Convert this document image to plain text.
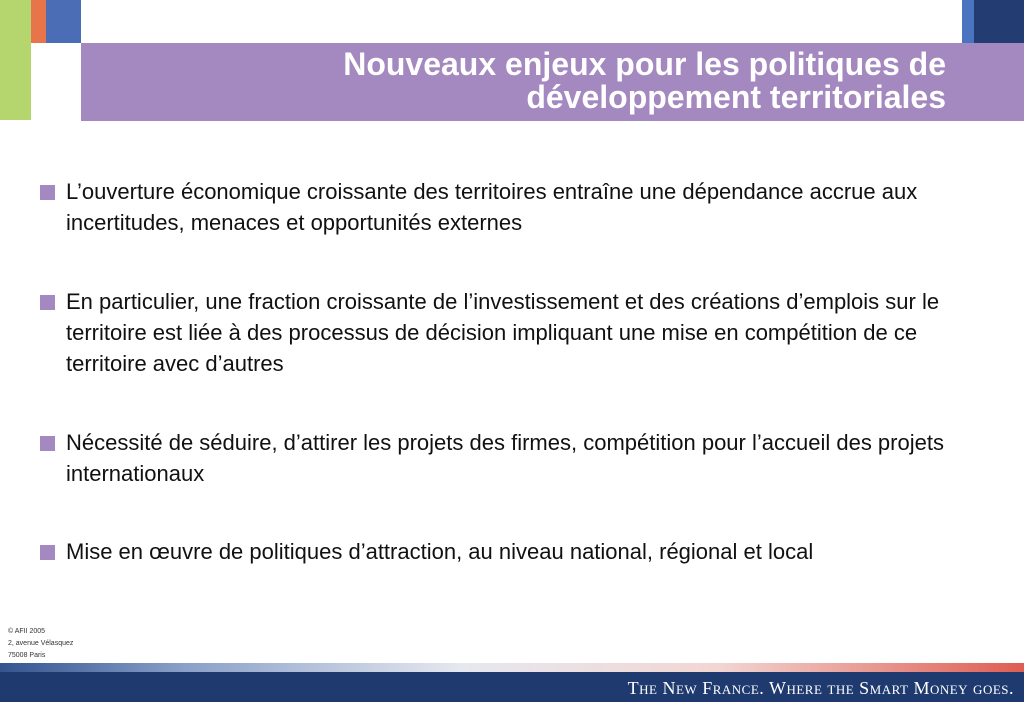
Nouveaux enjeux pour les politiques de
développement territoriales
L’ouverture économique croissante des territoires entraîne une dépendance accrue aux incertitudes, menaces et opportunités externes
En particulier, une fraction croissante de l’investissement et des créations d’emplois sur le territoire est liée à des processus de décision impliquant une mise en compétition de ce territoire avec d’autres
Nécessité de séduire, d’attirer les projets des firmes, compétition pour l’accueil des projets internationaux
Mise en œuvre de politiques d’attraction, au niveau national, régional et local
© AFII 2005
2, avenue Vélasquez
75008 Paris
The New France. Where the Smart Money goes.
